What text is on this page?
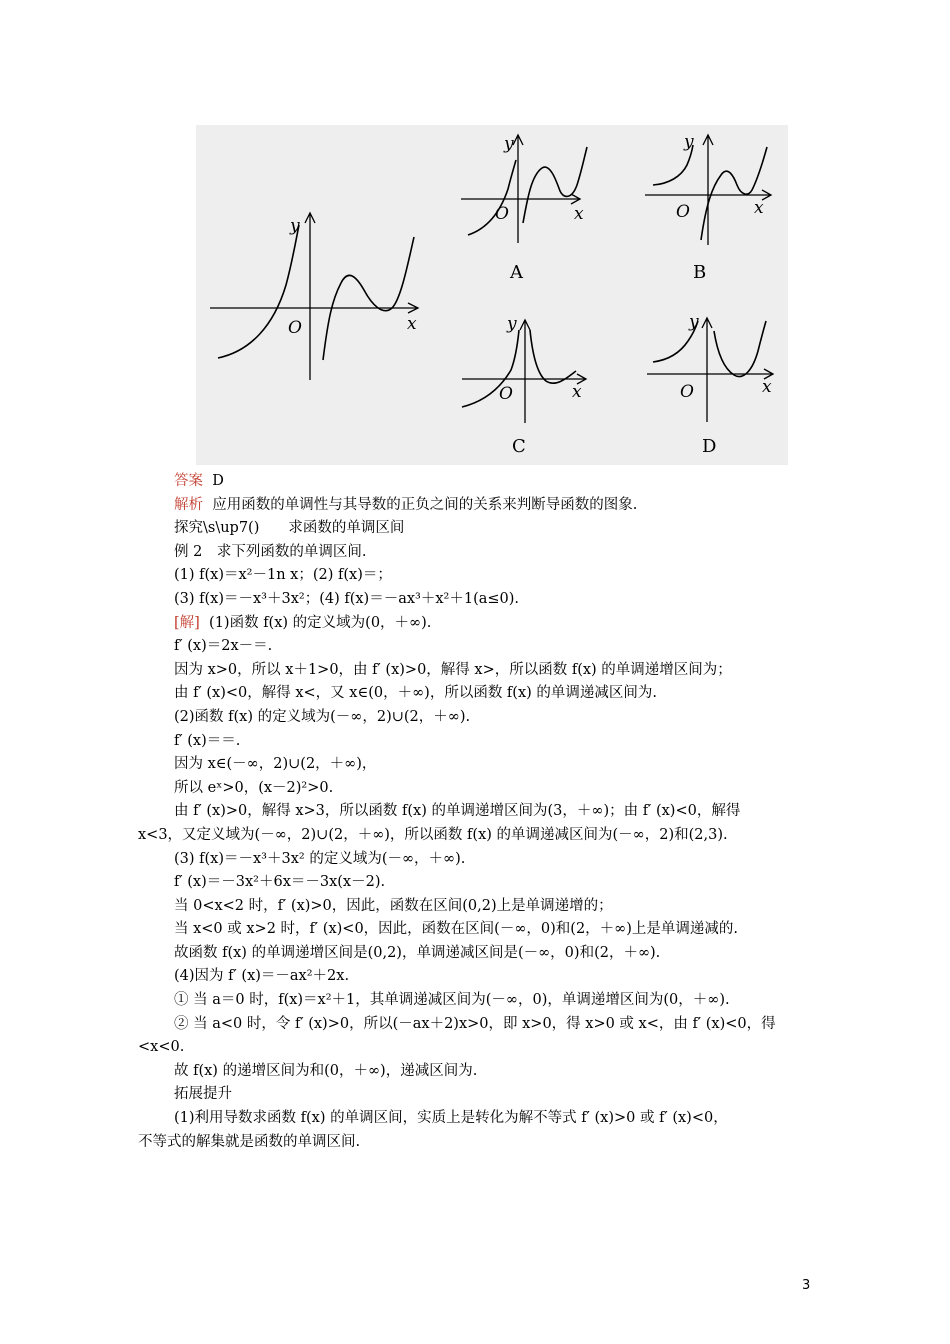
y
O	x
y
O	x
A
y
O	x
B
y
O	x
C
y
O	x
D
答案 D
解析 应用函数的单调性与其导数的正负之间的关系来判断导函数的图象.
探究\s\up7()　　求函数的单调区间
例 2　求下列函数的单调区间.
(1) f(x)＝x²－1n x；(2) f(x)＝；
(3) f(x)＝－x³＋3x²；(4) f(x)＝－ax³＋x²＋1(a≤0).
[解] (1)函数 f(x) 的定义域为(0，＋∞).
f′ (x)＝2x－＝.
因为 x>0，所以 x＋1>0，由 f′ (x)>0，解得 x>，所以函数 f(x) 的单调递增区间为；
由 f′ (x)<0，解得 x<，又 x∈(0，＋∞)，所以函数 f(x) 的单调递减区间为.
(2)函数 f(x) 的定义域为(－∞，2)∪(2，＋∞).
f′ (x)＝＝.
因为 x∈(－∞，2)∪(2，＋∞)，
所以 eˣ>0，(x－2)²>0.
由 f′ (x)>0，解得 x>3，所以函数 f(x) 的单调递增区间为(3，＋∞)；由 f′ (x)<0，解得
x<3，又定义域为(－∞，2)∪(2，＋∞)，所以函数 f(x) 的单调递减区间为(－∞，2)和(2,3).
(3) f(x)＝－x³＋3x² 的定义域为(－∞，＋∞).
f′ (x)＝－3x²＋6x＝－3x(x－2).
当 0<x<2 时，f′ (x)>0，因此，函数在区间(0,2)上是单调递增的；
当 x<0 或 x>2 时，f′ (x)<0，因此，函数在区间(－∞，0)和(2，＋∞)上是单调递减的.
故函数 f(x) 的单调递增区间是(0,2)，单调递减区间是(－∞，0)和(2，＋∞).
(4)因为 f′ (x)＝－ax²＋2x.
① 当 a＝0 时，f(x)＝x²＋1，其单调递减区间为(－∞，0)，单调递增区间为(0，＋∞).
② 当 a<0 时，令 f′ (x)>0，所以(－ax＋2)x>0，即 x>0，得 x>0 或 x<，由 f′ (x)<0，得
<x<0.
故 f(x) 的递增区间为和(0，＋∞)，递减区间为.
拓展提升
(1)利用导数求函数 f(x) 的单调区间，实质上是转化为解不等式 f′ (x)>0 或 f′ (x)<0，
不等式的解集就是函数的单调区间.
3
